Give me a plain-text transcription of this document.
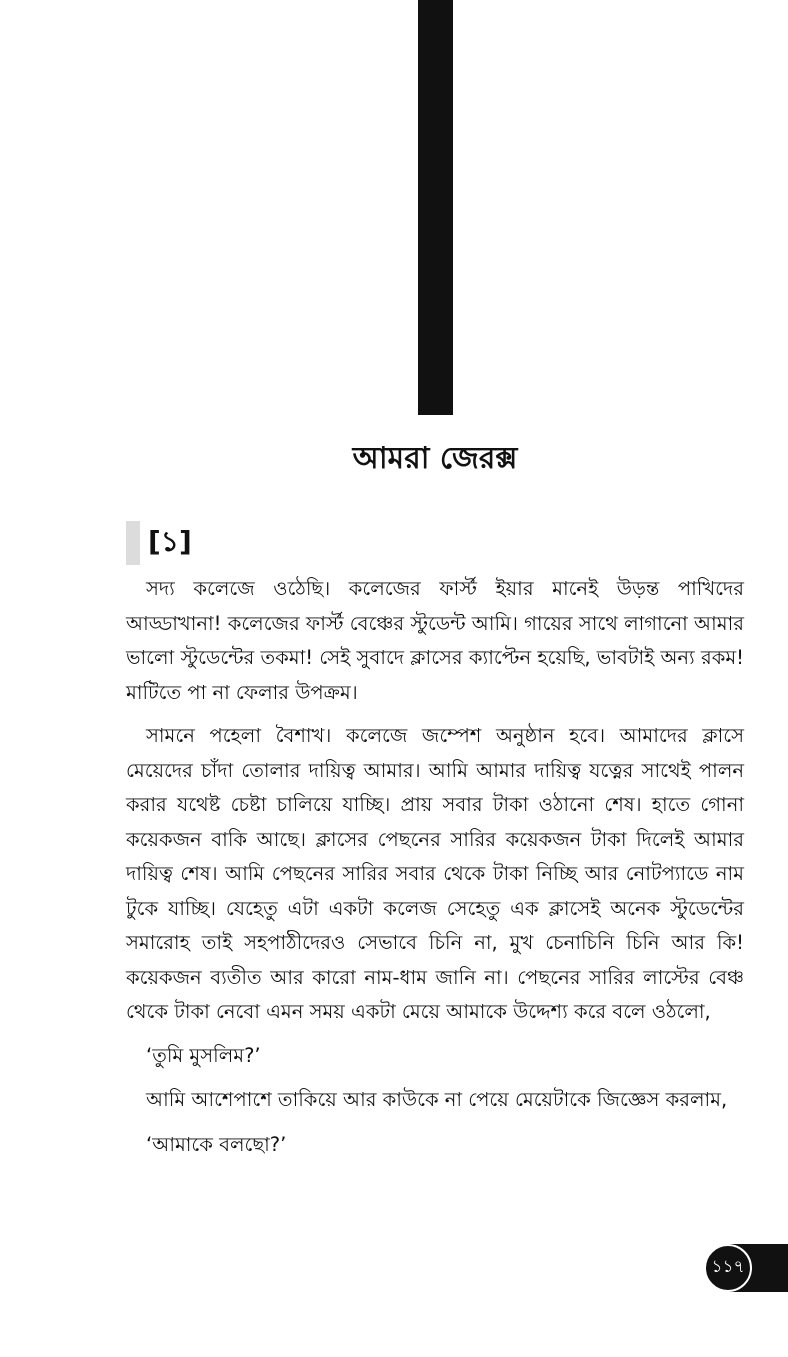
আমরা জেরক্স
[১]

সদ্য কলেজে ওঠেছি। কলেজের ফার্স্ট ইয়ার মানেই উড়ন্ত পাখিদের আড্ডাখানা! কলেজের ফার্স্ট বেঞ্চের স্টুডেন্ট আমি। গায়ের সাথে লাগানো আমার ভালো স্টুডেন্টের তকমা! সেই সুবাদে ক্লাসের ক্যাপ্টেন হয়েছি, ভাবটাই অন্য রকম! মাটিতে পা না ফেলার উপক্রম।

সামনে পহেলা বৈশাখ। কলেজে জম্পেশ অনুষ্ঠান হবে। আমাদের ক্লাসে মেয়েদের চাঁদা তোলার দায়িত্ব আমার। আমি আমার দায়িত্ব যত্নের সাথেই পালন করার যথেষ্ট চেষ্টা চালিয়ে যাচ্ছি। প্রায় সবার টাকা ওঠানো শেষ। হাতে গোনা কয়েকজন বাকি আছে। ক্লাসের পেছনের সারির কয়েকজন টাকা দিলেই আমার দায়িত্ব শেষ। আমি পেছনের সারির সবার থেকে টাকা নিচ্ছি আর নোটপ্যাডে নাম টুকে যাচ্ছি। যেহেতু এটা একটা কলেজ সেহেতু এক ক্লাসেই অনেক স্টুডেন্টের সমারোহ তাই সহপাঠীদেরও সেভাবে চিনি না, মুখ চেনাচিনি চিনি আর কি! কয়েকজন ব্যতীত আর কারো নাম-ধাম জানি না। পেছনের সারির লাস্টের বেঞ্চ থেকে টাকা নেবো এমন সময় একটা মেয়ে আমাকে উদ্দেশ্য করে বলে ওঠলো,

‘তুমি মুসলিম?’

আমি আশেপাশে তাকিয়ে আর কাউকে না পেয়ে মেয়েটাকে জিজ্ঞেস করলাম,

‘আমাকে বলছো?’

১১৭
